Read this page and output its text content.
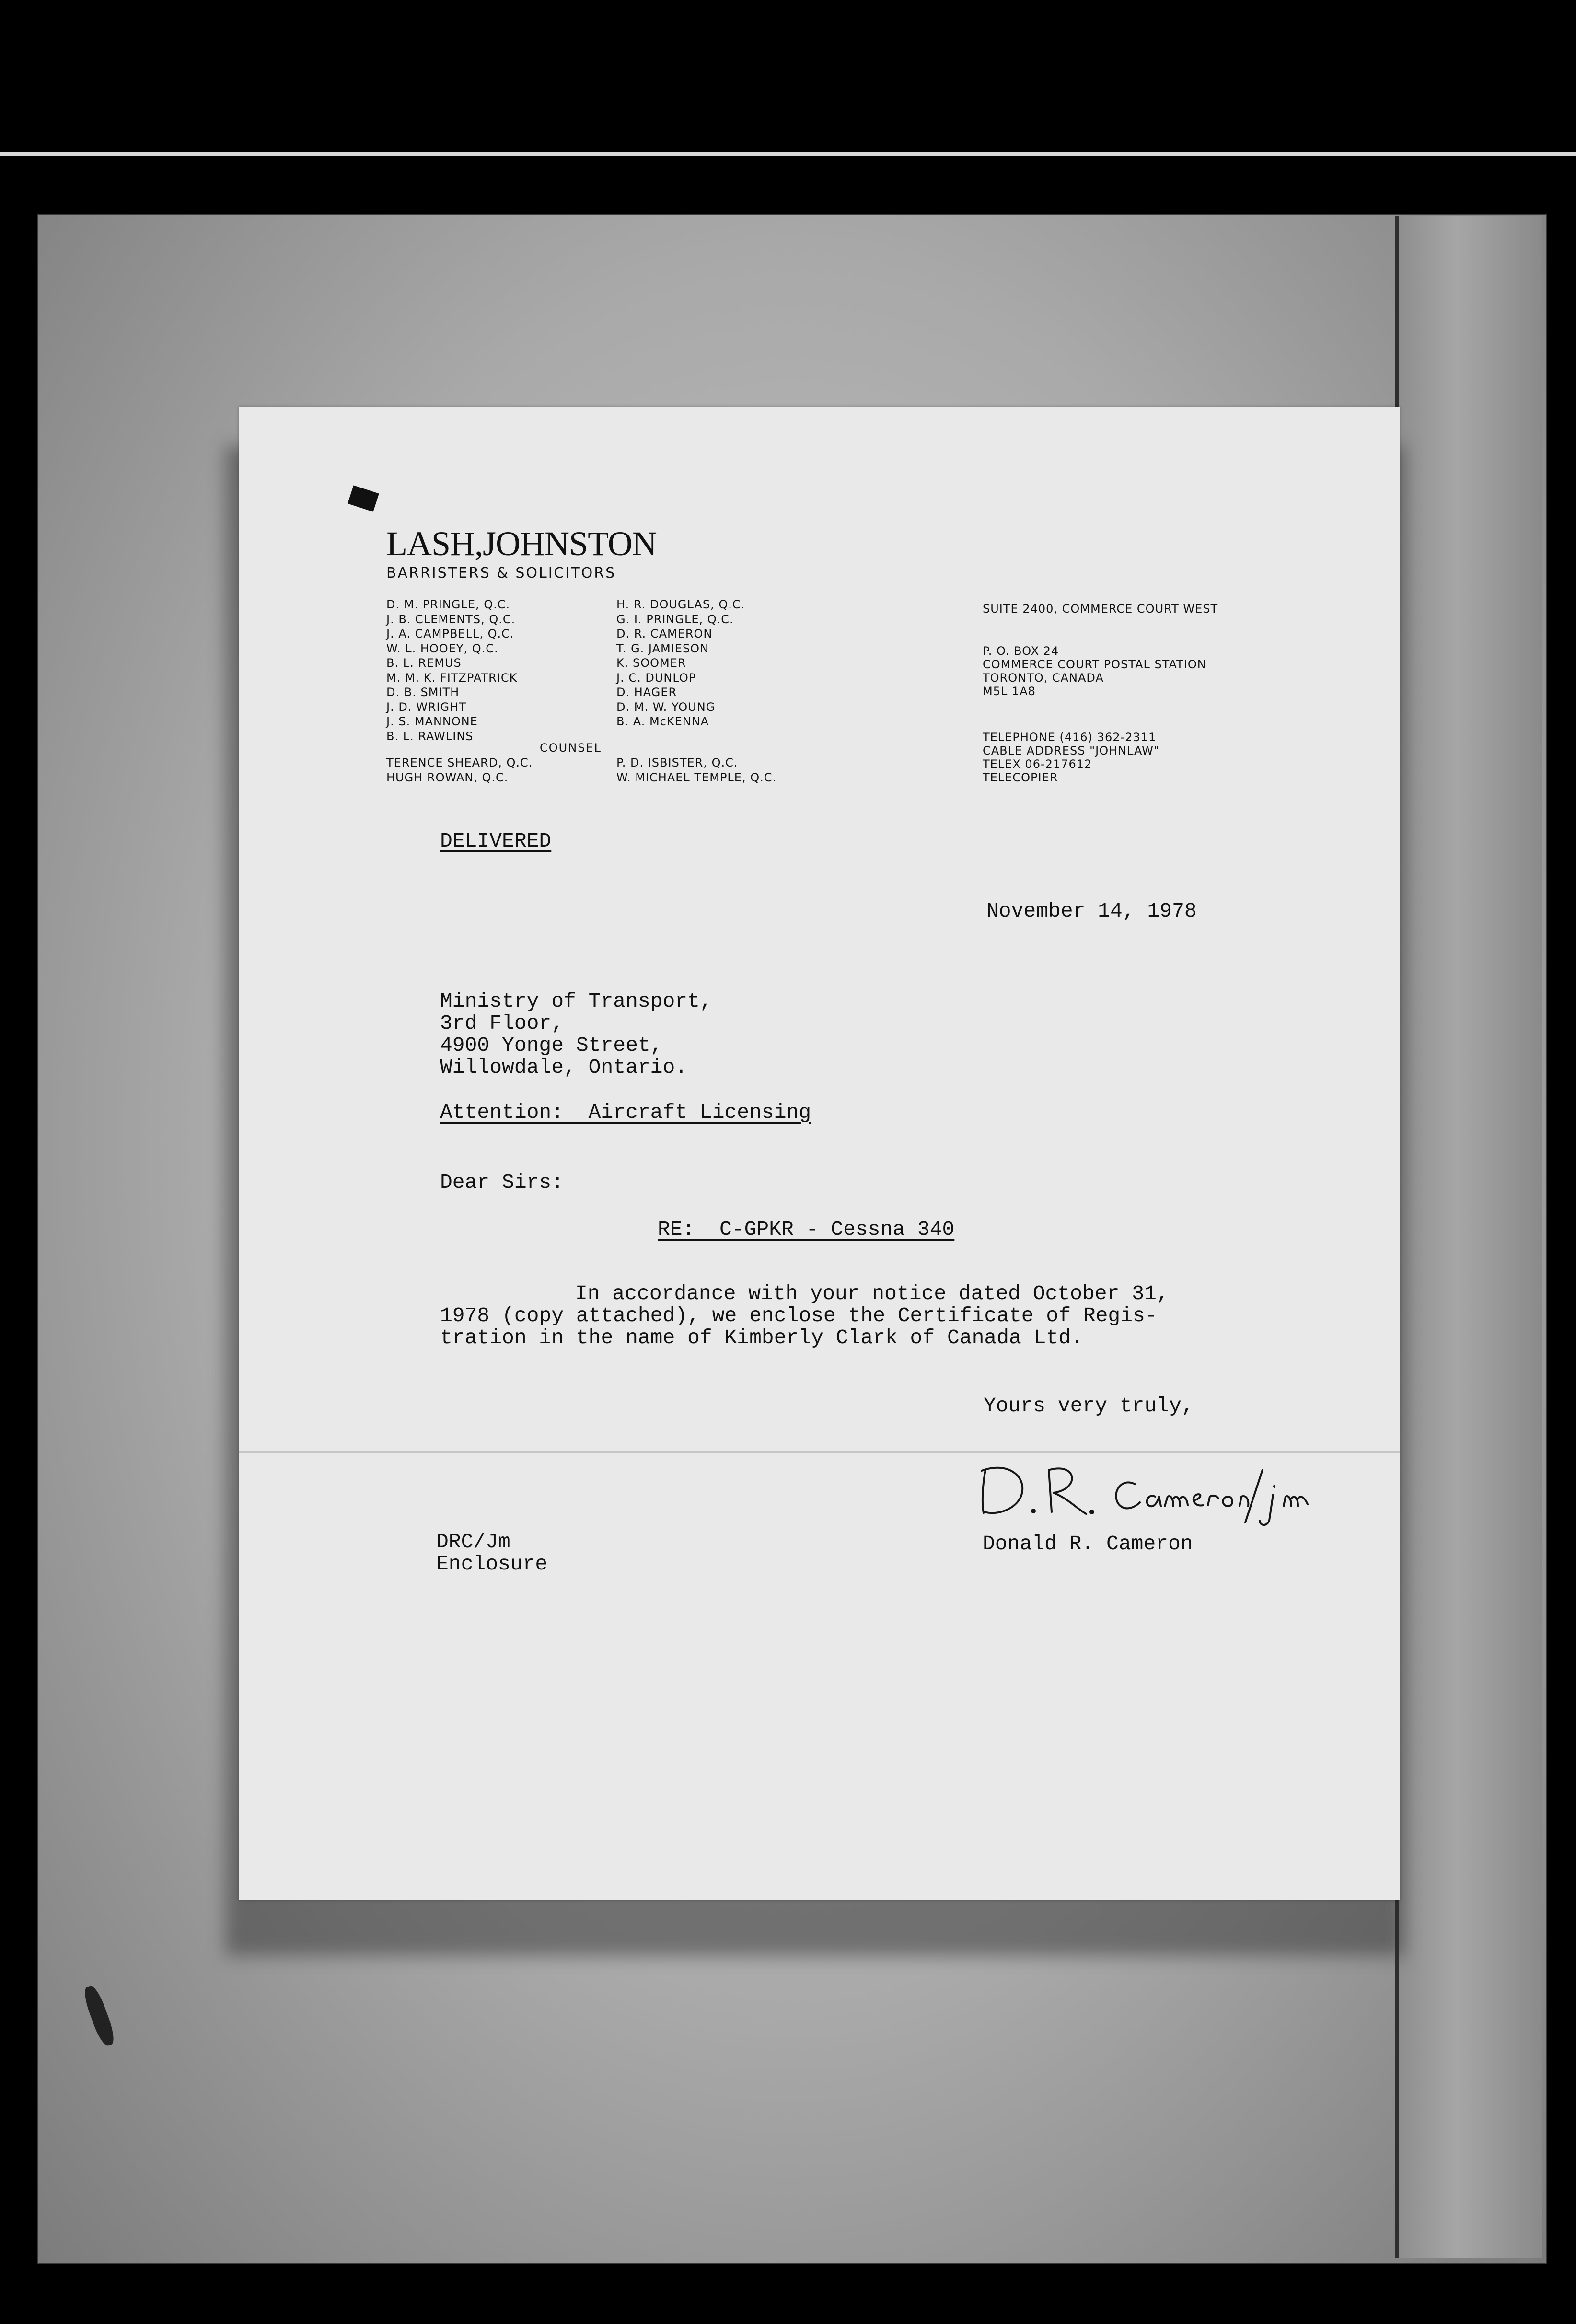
LASH,JOHNSTON
BARRISTERS & SOLICITORS
D. M. PRINGLE, Q.C.
J. B. CLEMENTS, Q.C.
J. A. CAMPBELL, Q.C.
W. L. HOOEY, Q.C.
B. L. REMUS
M. M. K. FITZPATRICK
D. B. SMITH
J. D. WRIGHT
J. S. MANNONE
B. L. RAWLINS
H. R. DOUGLAS, Q.C.
G. I. PRINGLE, Q.C.
D. R. CAMERON
T. G. JAMIESON
K. SOOMER
J. C. DUNLOP
D. HAGER
D. M. W. YOUNG
B. A. McKENNA
COUNSEL
TERENCE SHEARD, Q.C.
HUGH ROWAN, Q.C.
P. D. ISBISTER, Q.C.
W. MICHAEL TEMPLE, Q.C.
SUITE 2400, COMMERCE COURT WEST
P. O. BOX 24
COMMERCE COURT POSTAL STATION
TORONTO, CANADA
M5L 1A8
TELEPHONE (416) 362-2311
CABLE ADDRESS "JOHNLAW"
TELEX 06-217612
TELECOPIER
DELIVERED
November 14, 1978
Ministry of Transport,
3rd Floor,
4900 Yonge Street,
Willowdale, Ontario.
Attention:  Aircraft Licensing
Dear Sirs:
RE:  C-GPKR - Cessna 340
In accordance with your notice dated October 31,
1978 (copy attached), we enclose the Certificate of Regis-
tration in the name of Kimberly Clark of Canada Ltd.
Yours very truly,
Donald R. Cameron
DRC/Jm
Enclosure
